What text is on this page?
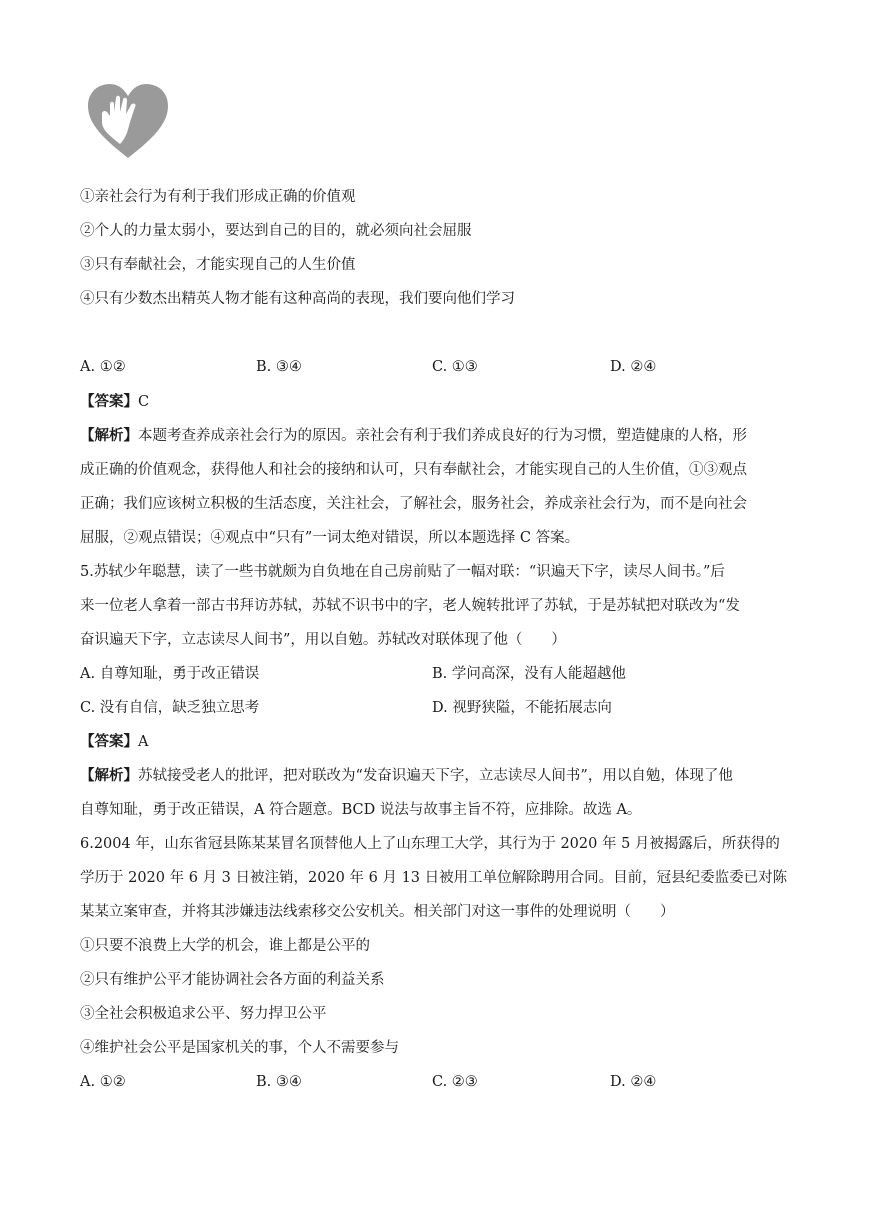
①亲社会行为有利于我们形成正确的价值观
②个人的力量太弱小，要达到自己的目的，就必须向社会屈服
③只有奉献社会，才能实现自己的人生价值
④只有少数杰出精英人物才能有这种高尚的表现，我们要向他们学习
A. ①②	B. ③④	C. ①③	D. ②④
【答案】C
【解析】本题考查养成亲社会行为的原因。亲社会有利于我们养成良好的行为习惯，塑造健康的人格，形
成正确的价值观念，获得他人和社会的接纳和认可，只有奉献社会，才能实现自己的人生价值，①③观点
正确；我们应该树立积极的生活态度，关注社会，了解社会，服务社会，养成亲社会行为，而不是向社会
屈服，②观点错误；④观点中“只有”一词太绝对错误，所以本题选择 C 答案。
5.苏轼少年聪慧，读了一些书就颇为自负地在自己房前贴了一幅对联：“识遍天下字，读尽人间书。”后
来一位老人拿着一部古书拜访苏轼，苏轼不识书中的字，老人婉转批评了苏轼，于是苏轼把对联改为“发
奋识遍天下字，立志读尽人间书”，用以自勉。苏轼改对联体现了他（　　）
A. 自尊知耻，勇于改正错误	B. 学问高深，没有人能超越他
C. 没有自信，缺乏独立思考	D. 视野狭隘，不能拓展志向
【答案】A
【解析】苏轼接受老人的批评，把对联改为“发奋识遍天下字，立志读尽人间书”，用以自勉，体现了他
自尊知耻，勇于改正错误，A 符合题意。BCD 说法与故事主旨不符，应排除。故选 A。
6.2004 年，山东省冠县陈某某冒名顶替他人上了山东理工大学，其行为于 2020 年 5 月被揭露后，所获得的
学历于 2020 年 6 月 3 日被注销，2020 年 6 月 13 日被用工单位解除聘用合同。目前，冠县纪委监委已对陈
某某立案审查，并将其涉嫌违法线索移交公安机关。相关部门对这一事件的处理说明（　　）
①只要不浪费上大学的机会，谁上都是公平的
②只有维护公平才能协调社会各方面的利益关系
③全社会积极追求公平、努力捍卫公平
④维护社会公平是国家机关的事，个人不需要参与
A. ①②	B. ③④	C. ②③	D. ②④
